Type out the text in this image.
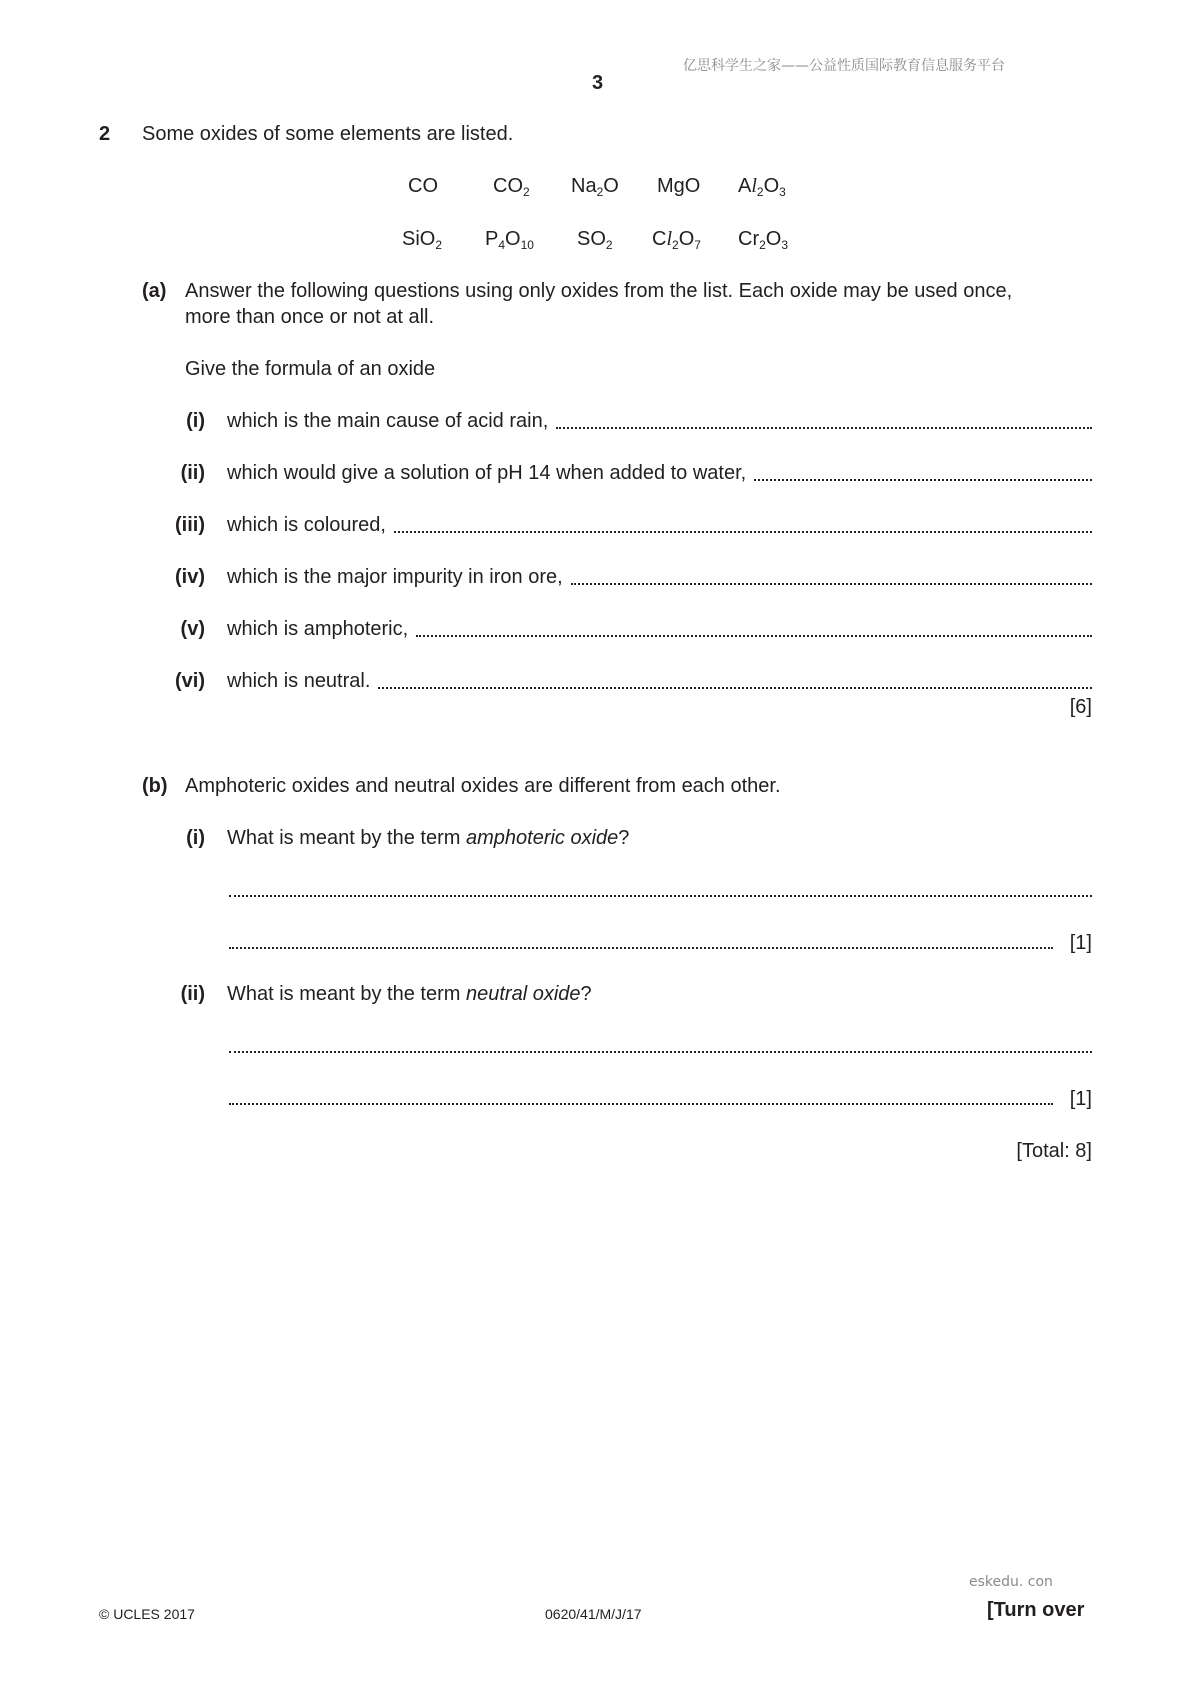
亿思科学生之家——公益性质国际教育信息服务平台
3
2 Some oxides of some elements are listed.
CO	$CO_2$ $Na_2O$ MgO $Al_2O_3$
SiO$_2$ $P_4O_{10}$ $SO_2$ $Cl_2O_7$ $Cr_2O_3$
(a) Answer the following questions using only oxides from the list. Each oxide may be used once,
more than once or not at all.
Give the formula of an oxide
(i) which is the main cause of acid rain,
(ii) which would give a solution of pH 14 when added to water,
(iii) which is coloured,
(iv) which is the major impurity in iron ore,
(v) which is amphoteric,
(vi) which is neutral.
[6]
(b) Amphoteric oxides and neutral oxides are different from each other.
(i) What is meant by the term amphoteric oxide?
[1]
(ii) What is meant by the term neutral oxide?
[1]
[Total: 8]
eskedu. con
© UCLES 2017	0620/41/M/J/17	[Turn over
